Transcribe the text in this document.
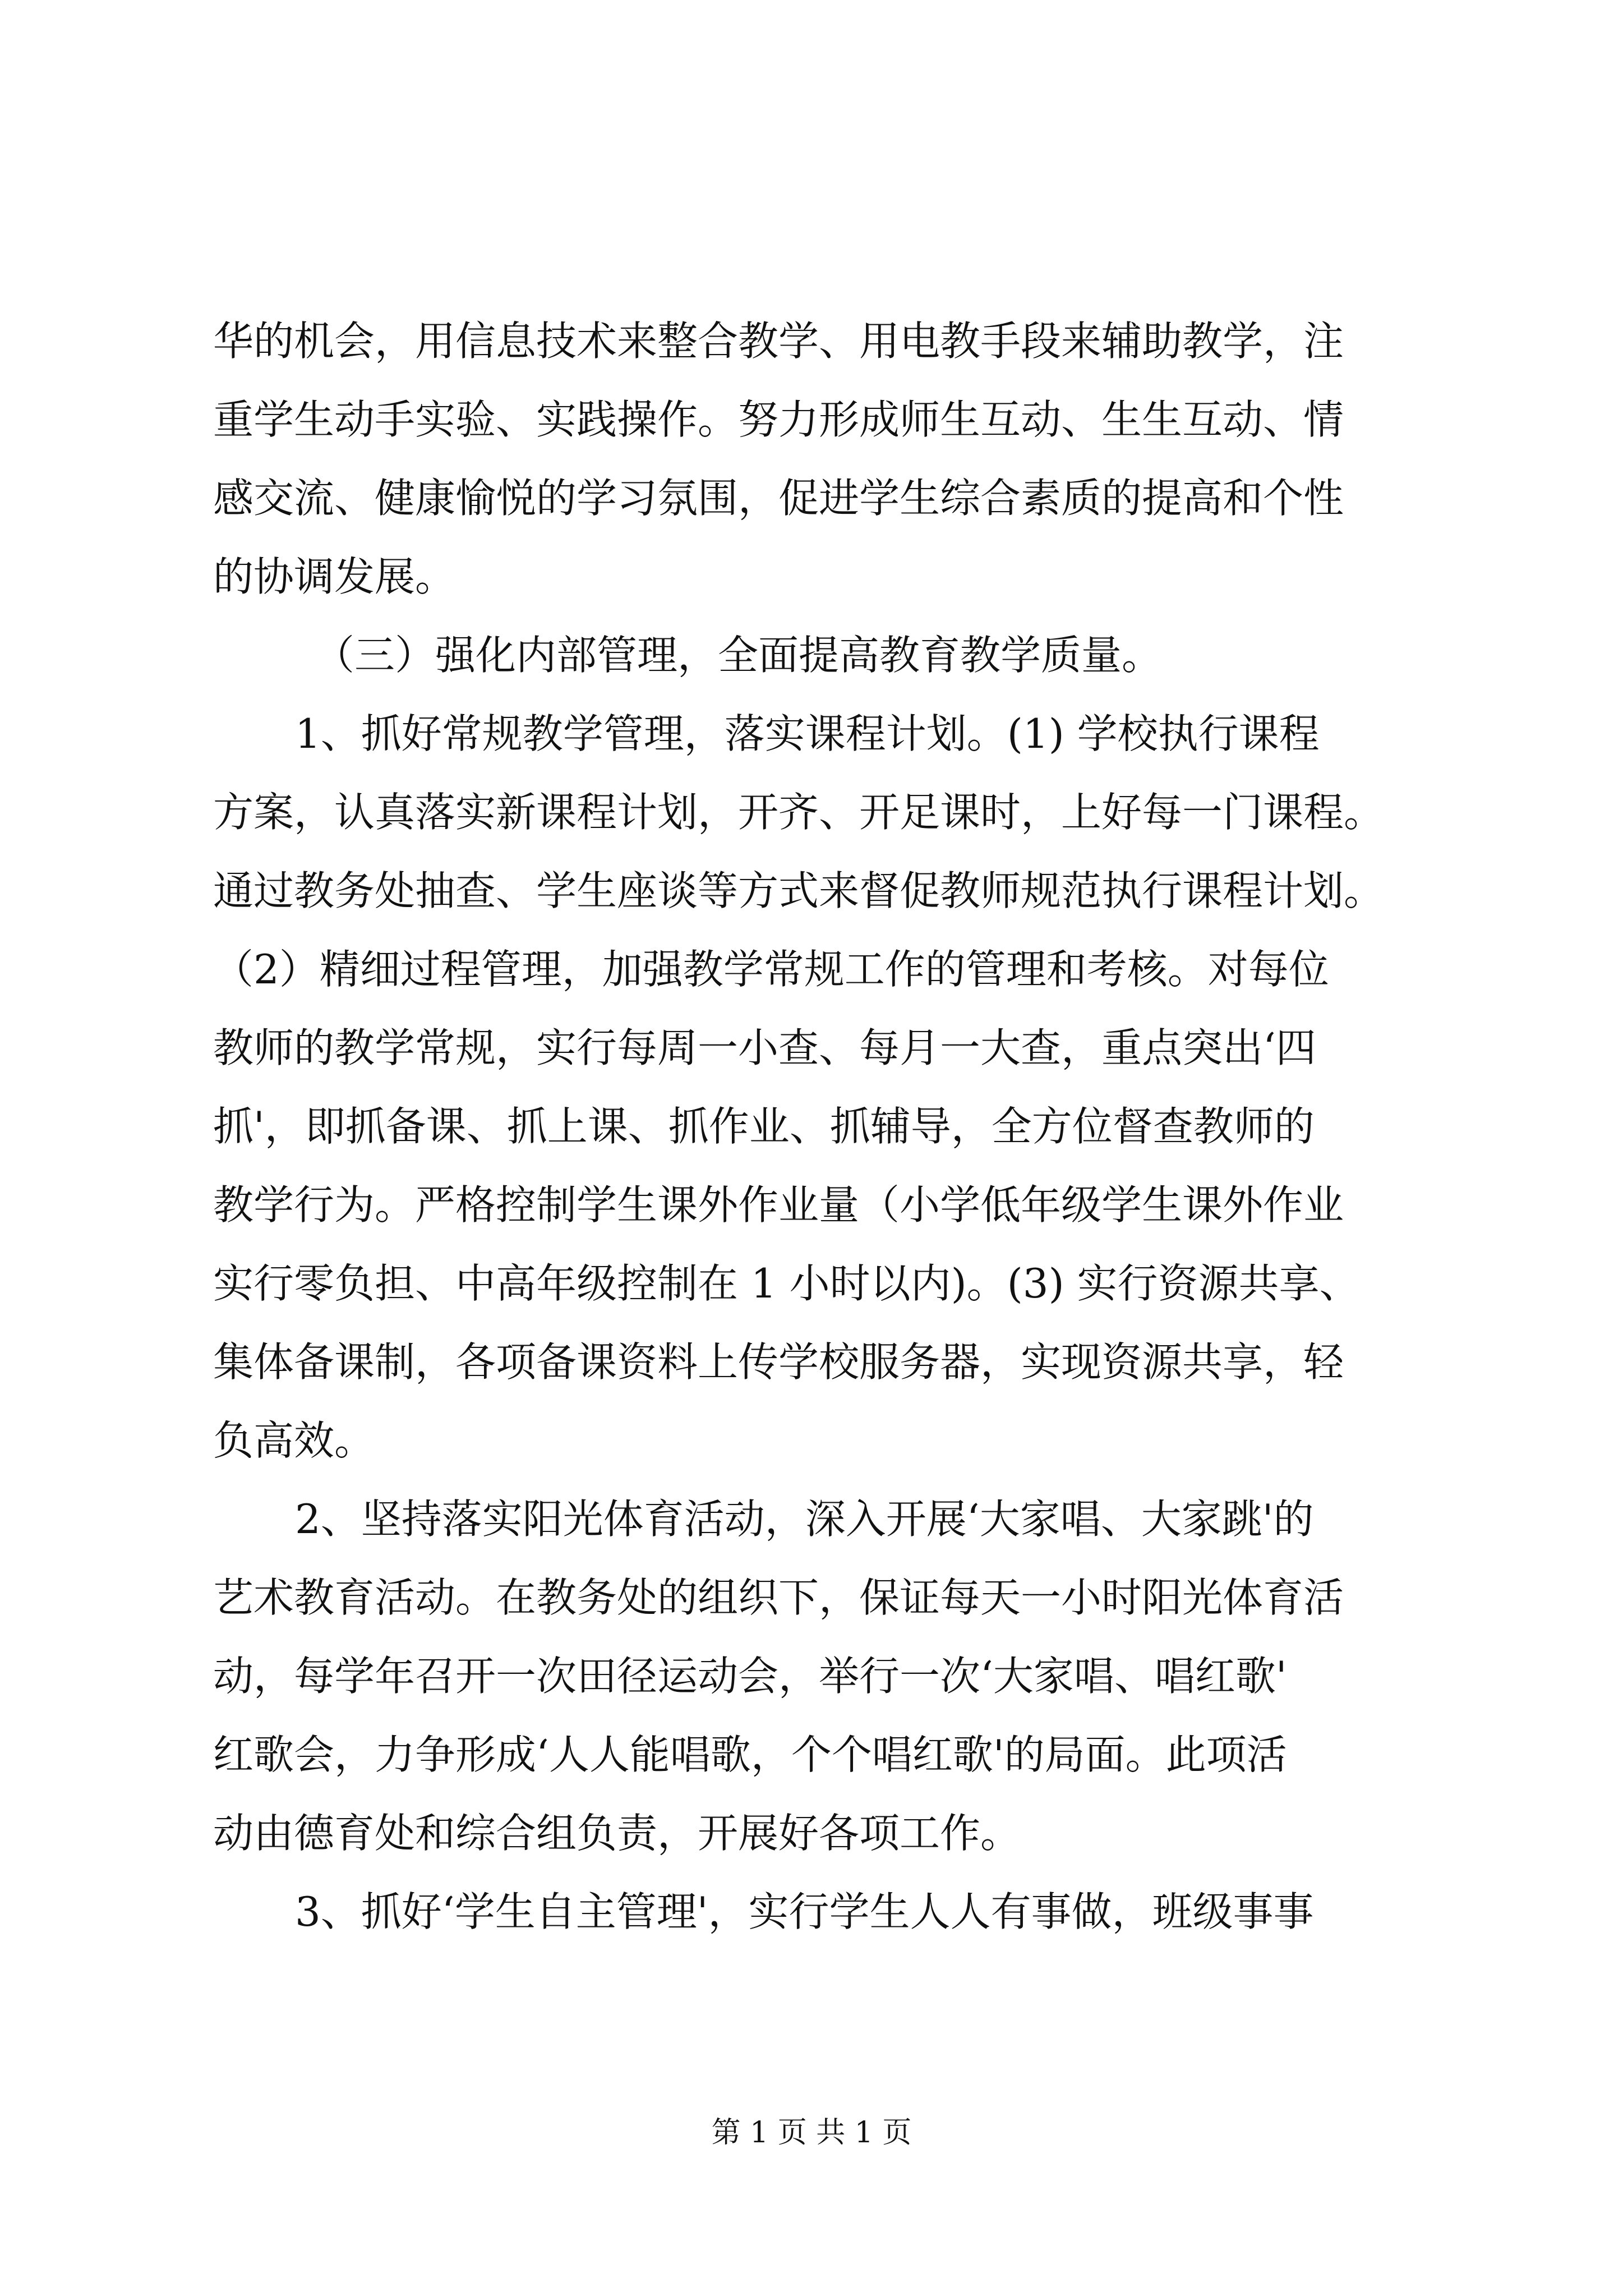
华的机会，用信息技术来整合教学、用电教手段来辅助教学，注
重学生动手实验、实践操作。努力形成师生互动、生生互动、情
感交流、健康愉悦的学习氛围，促进学生综合素质的提高和个性
的协调发展。
（三）强化内部管理，全面提高教育教学质量。
1、抓好常规教学管理，落实课程计划。(1) 学校执行课程
方案，认真落实新课程计划，开齐、开足课时，上好每一门课程。
通过教务处抽查、学生座谈等方式来督促教师规范执行课程计划。
（2）精细过程管理，加强教学常规工作的管理和考核。对每位
教师的教学常规，实行每周一小查、每月一大查，重点突出‘四
抓'，即抓备课、抓上课、抓作业、抓辅导，全方位督查教师的
教学行为。严格控制学生课外作业量（小学低年级学生课外作业
实行零负担、中高年级控制在 1 小时以内)。(3) 实行资源共享、
集体备课制，各项备课资料上传学校服务器，实现资源共享，轻
负高效。
2、坚持落实阳光体育活动，深入开展‘大家唱、大家跳'的
艺术教育活动。在教务处的组织下，保证每天一小时阳光体育活
动，每学年召开一次田径运动会，举行一次‘大家唱、唱红歌'
红歌会，力争形成‘人人能唱歌，个个唱红歌'的局面。此项活
动由德育处和综合组负责，开展好各项工作。
3、抓好‘学生自主管理'，实行学生人人有事做，班级事事
第 1 页 共 1 页
